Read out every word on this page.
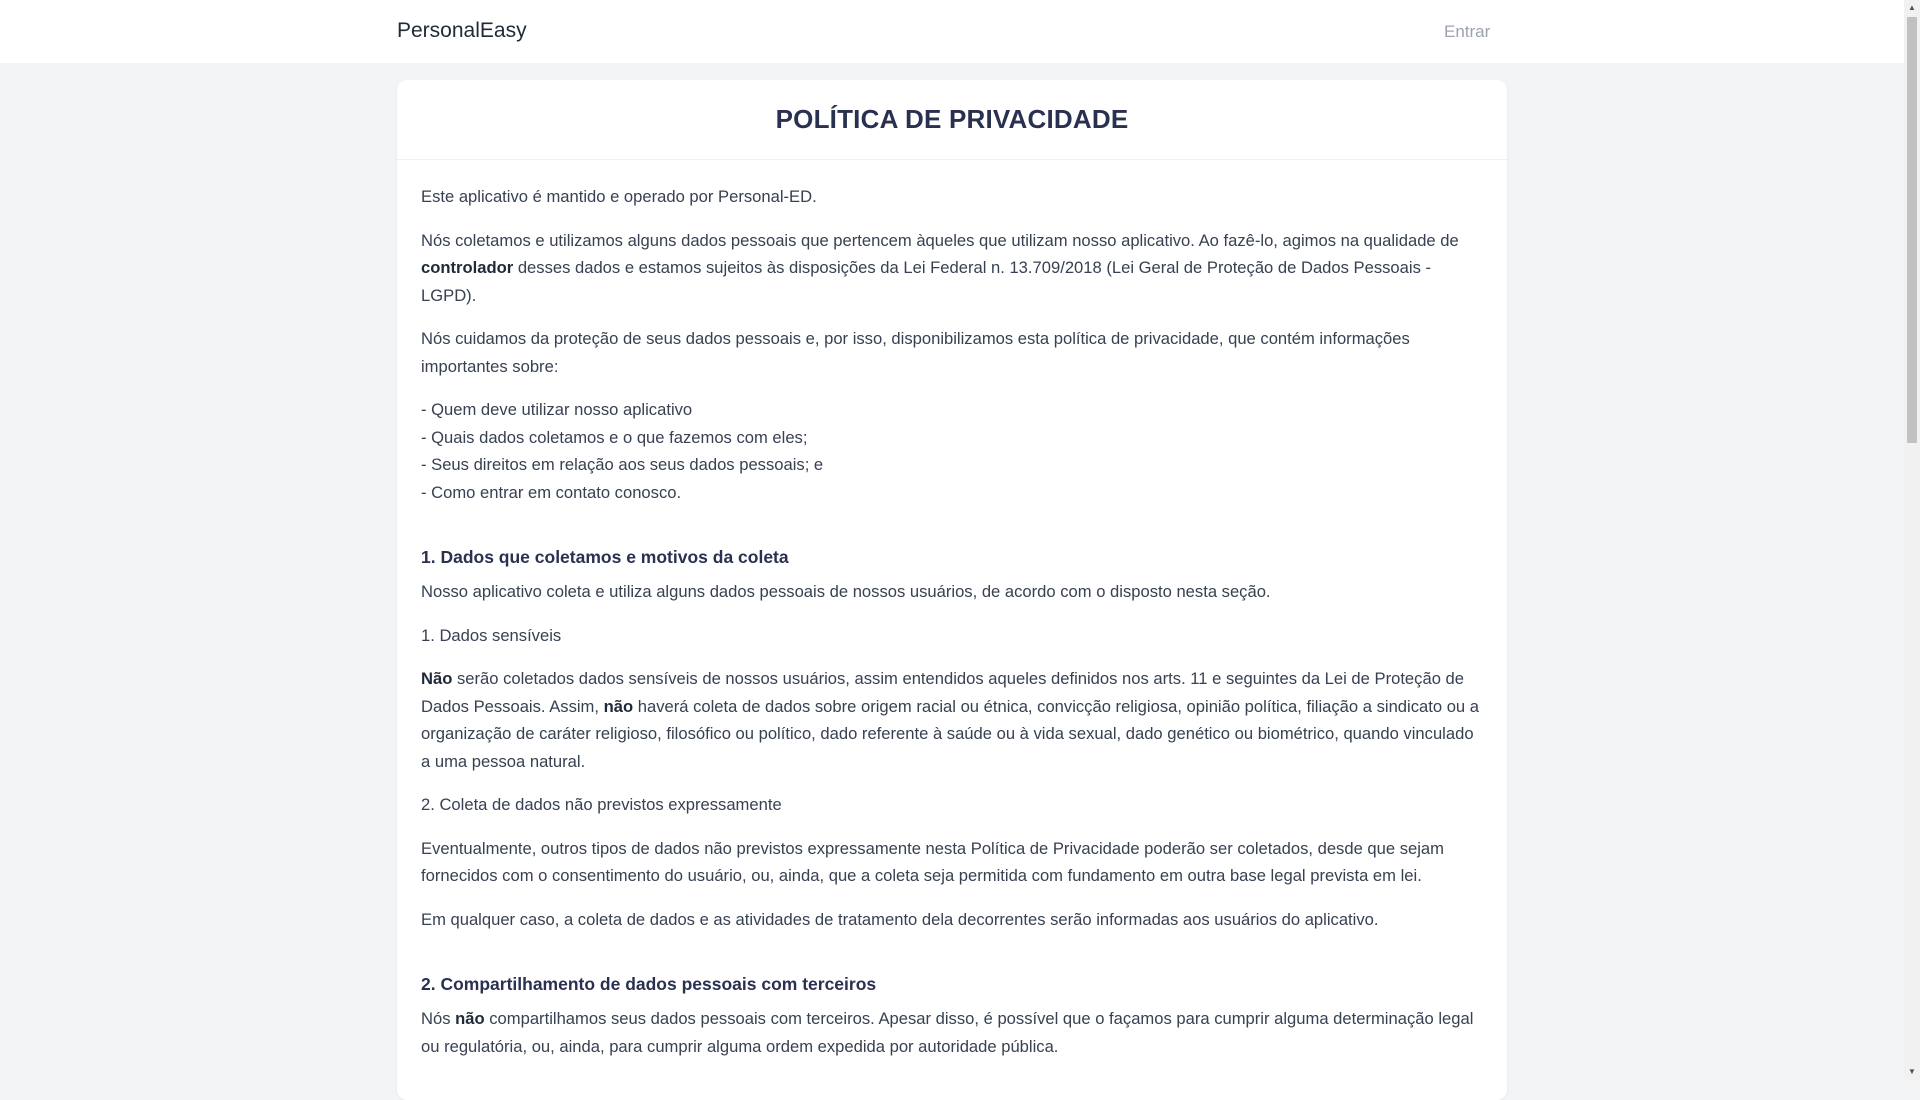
PersonalEasy	Entrar
POLÍTICA DE PRIVACIDADE

Este aplicativo é mantido e operado por Personal-ED.

Nós coletamos e utilizamos alguns dados pessoais que pertencem àqueles que utilizam nosso aplicativo. Ao fazê-lo, agimos na qualidade de controlador desses dados e estamos sujeitos às disposições da Lei Federal n. 13.709/2018 (Lei Geral de Proteção de Dados Pessoais - LGPD).

Nós cuidamos da proteção de seus dados pessoais e, por isso, disponibilizamos esta política de privacidade, que contém informações importantes sobre:

- Quem deve utilizar nosso aplicativo
- Quais dados coletamos e o que fazemos com eles;
- Seus direitos em relação aos seus dados pessoais; e
- Como entrar em contato conosco.
1. Dados que coletamos e motivos da coleta

Nosso aplicativo coleta e utiliza alguns dados pessoais de nossos usuários, de acordo com o disposto nesta seção.

1. Dados sensíveis

Não serão coletados dados sensíveis de nossos usuários, assim entendidos aqueles definidos nos arts. 11 e seguintes da Lei de Proteção de Dados Pessoais. Assim, não haverá coleta de dados sobre origem racial ou étnica, convicção religiosa, opinião política, filiação a sindicato ou a organização de caráter religioso, filosófico ou político, dado referente à saúde ou à vida sexual, dado genético ou biométrico, quando vinculado a uma pessoa natural.

2. Coleta de dados não previstos expressamente

Eventualmente, outros tipos de dados não previstos expressamente nesta Política de Privacidade poderão ser coletados, desde que sejam fornecidos com o consentimento do usuário, ou, ainda, que a coleta seja permitida com fundamento em outra base legal prevista em lei.

Em qualquer caso, a coleta de dados e as atividades de tratamento dela decorrentes serão informadas aos usuários do aplicativo.

2. Compartilhamento de dados pessoais com terceiros

Nós não compartilhamos seus dados pessoais com terceiros. Apesar disso, é possível que o façamos para cumprir alguma determinação legal ou regulatória, ou, ainda, para cumprir alguma ordem expedida por autoridade pública.

▲
▼
